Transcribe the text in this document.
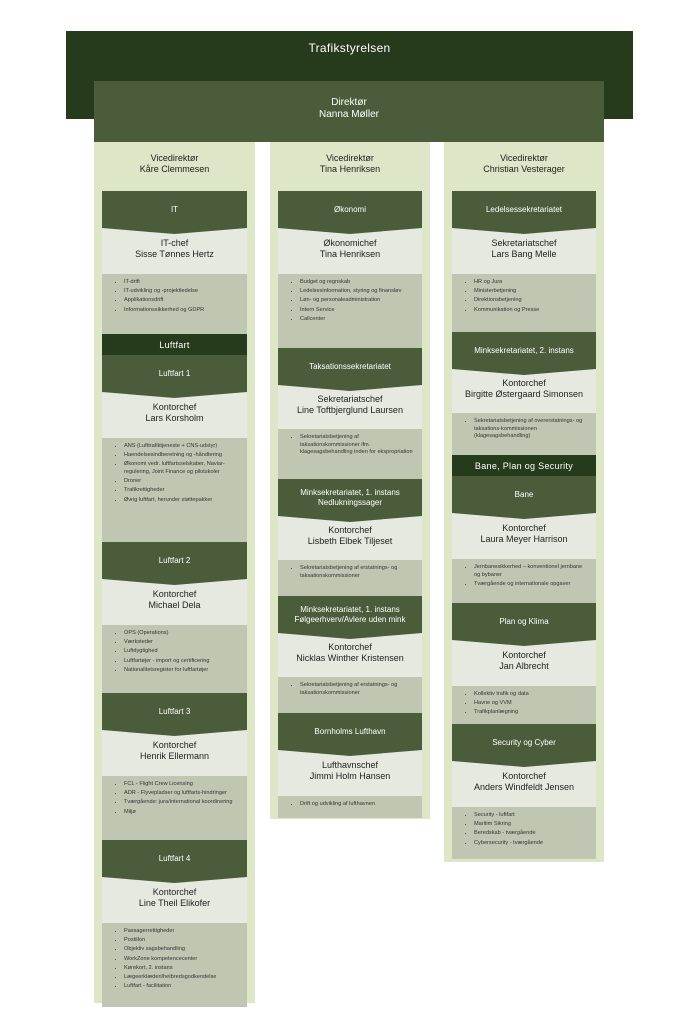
Trafikstyrelsen
Direktør
Nanna Møller
Vicedirektør
Kåre Clemmesen
IT
IT-chef
Sisse Tønnes Hertz
• IT-drift
• IT-udvikling og -projektledelse
• Applikationsdrift
• Informationssikkerhed og GDPR
Luftfart
Luftfart 1
Kontorchef
Lars Korsholm
• ANS (Lufttrafiktjeneste + CNS-udstyr)
• Haendelsesindberetning og -håndtering
• Økonomi vedr. luftfartsselskaber, Naviar-regulering, Joint Finance og pilotskoler
• Droner
• Trafikrettigheder
• Øvrig luftfart, herunder støttepakker
Luftfart 2
Kontorchef
Michael Dela
• OPS (Operations)
• Værksteder
• Luftdygtighed
• Luftfartøjer - import og certificering
• Nationalitetsregister for luftfartøjer
Luftfart 3
Kontorchef
Henrik Ellermann
• FCL - Flight Crew Licensing
• ADR - Flyvepladser og luftfarts-hindringer
• Tværgående: jura/international koordinering
• Miljø
Luftfart 4
Kontorchef
Line Theil Elikofer
• Passagerrettigheder
• Postillon
• Objektiv sagsbehandling
• WorkZone kompetencecenter
• Kørekort, 2. instans
• Lægeerklæderi/helbredsgodkendelse
• Luftfart - facilitation
Vicedirektør
Tina Henriksen
Økonomi
Økonomichef
Tina Henriksen
• Budget og regnskab
• Ledelsesinformation, styring og finansløv
• Løn- og personaleadministration
• Intern Service
• Callcenter
Taksationssekretariatet
Sekretariatschef
Line Toftbjerglund Laursen
• Sekretariatsbetjening af taksationskommissioner ifm. klagesagsbehandling inden for ekspropriation
Minksekretariatet, 1. instans Nedlukningssager
Kontorchef
Lisbeth Elbek Tiljeset
• Sekretariatsbetjening af erstatnings- og taksationskommissioner
Minksekretariatet, 1. instans Følgeerhverv/Avlere uden mink
Kontorchef
Nicklas Winther Kristensen
• Sekretariatsbetjening af erstatnings- og taksationskommissioner
Bornholms Lufthavn
Lufthavnschef
Jimmi Holm Hansen
• Drift og udvikling af lufthavnen
Vicedirektør
Christian Vesterager
Ledelsessekretariatet
Sekretariatschef
Lars Bang Melle
• HR og Jura
• Ministerbetjening
• Direktionsbetjening
• Kommunikation og Presse
Minksekretariatet, 2. instans
Kontorchef
Birgitte Østergaard Simonsen
• Sekretariatsbetjening af overerstatnings- og taksations-kommissionen (klagesagsbehandling)
Bane, Plan og Security
Bane
Kontorchef
Laura Meyer Harrison
• Jernbanesikkerhed – konventionel jernbane og bybaner
• Tværgående og internationale opgaver
Plan og Klima
Kontorchef
Jan Albrecht
• Kollektiv trafik og data
• Havne og VVM
• Trafikplanlægning
Security og Cyber
Kontorchef
Anders Windfeldt Jensen
• Security - luftfart
• Maritim Sikring
• Beredskab - tværgående
• Cybersecurity - tværgående
